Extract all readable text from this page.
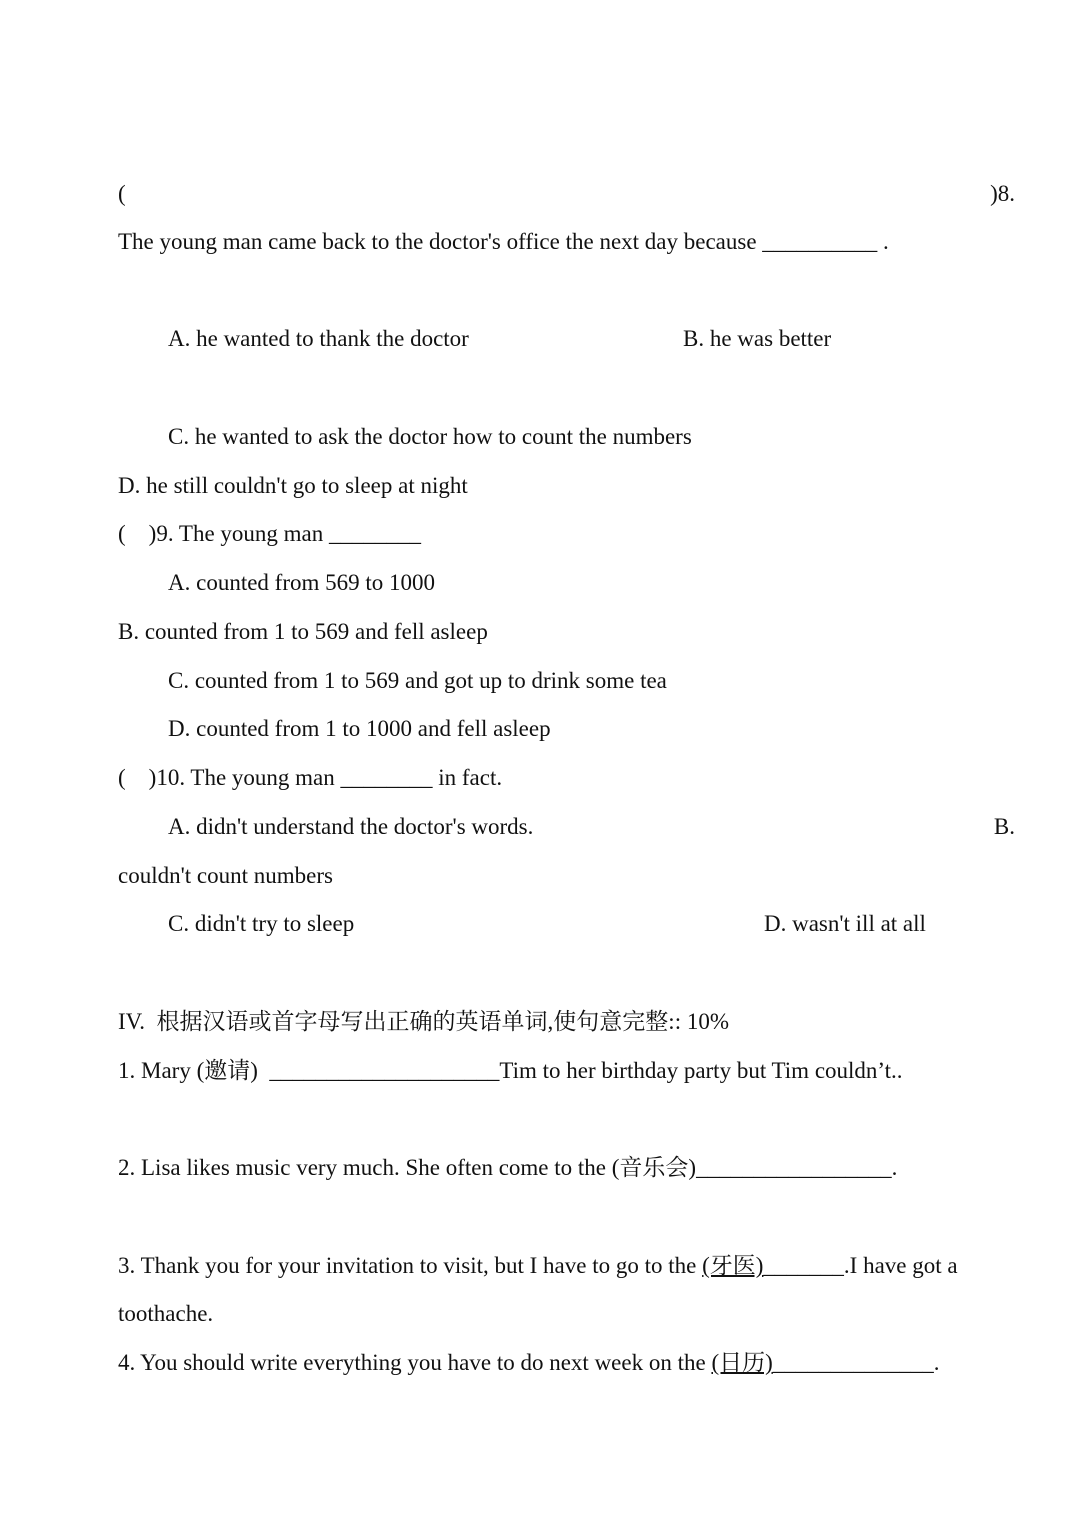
(	)8.
The young man came back to the doctor's office the next day because __________ .
A. he wanted to thank the doctor	B. he was better
C. he wanted to ask the doctor how to count the numbers
D. he still couldn't go to sleep at night
(    )9. The young man ________
A. counted from 569 to 1000
B. counted from 1 to 569 and fell asleep
C. counted from 1 to 569 and got up to drink some tea
D. counted from 1 to 1000 and fell asleep
(    )10. The young man ________ in fact.
A. didn't understand the doctor's words.	B.
couldn't count numbers
C. didn't try to sleep	D. wasn't ill at all
IV.  根据汉语或首字母写出正确的英语单词,使句意完整:: 10%
1. Mary (邀请)  ____________________Tim to her birthday party but Tim couldn’t..
2. Lisa likes music very much. She often come to the (音乐会)_________________.
3. Thank you for your invitation to visit, but I have to go to the (牙医)_______.I have got a
toothache.
4. You should write everything you have to do next week on the (日历)______________.
